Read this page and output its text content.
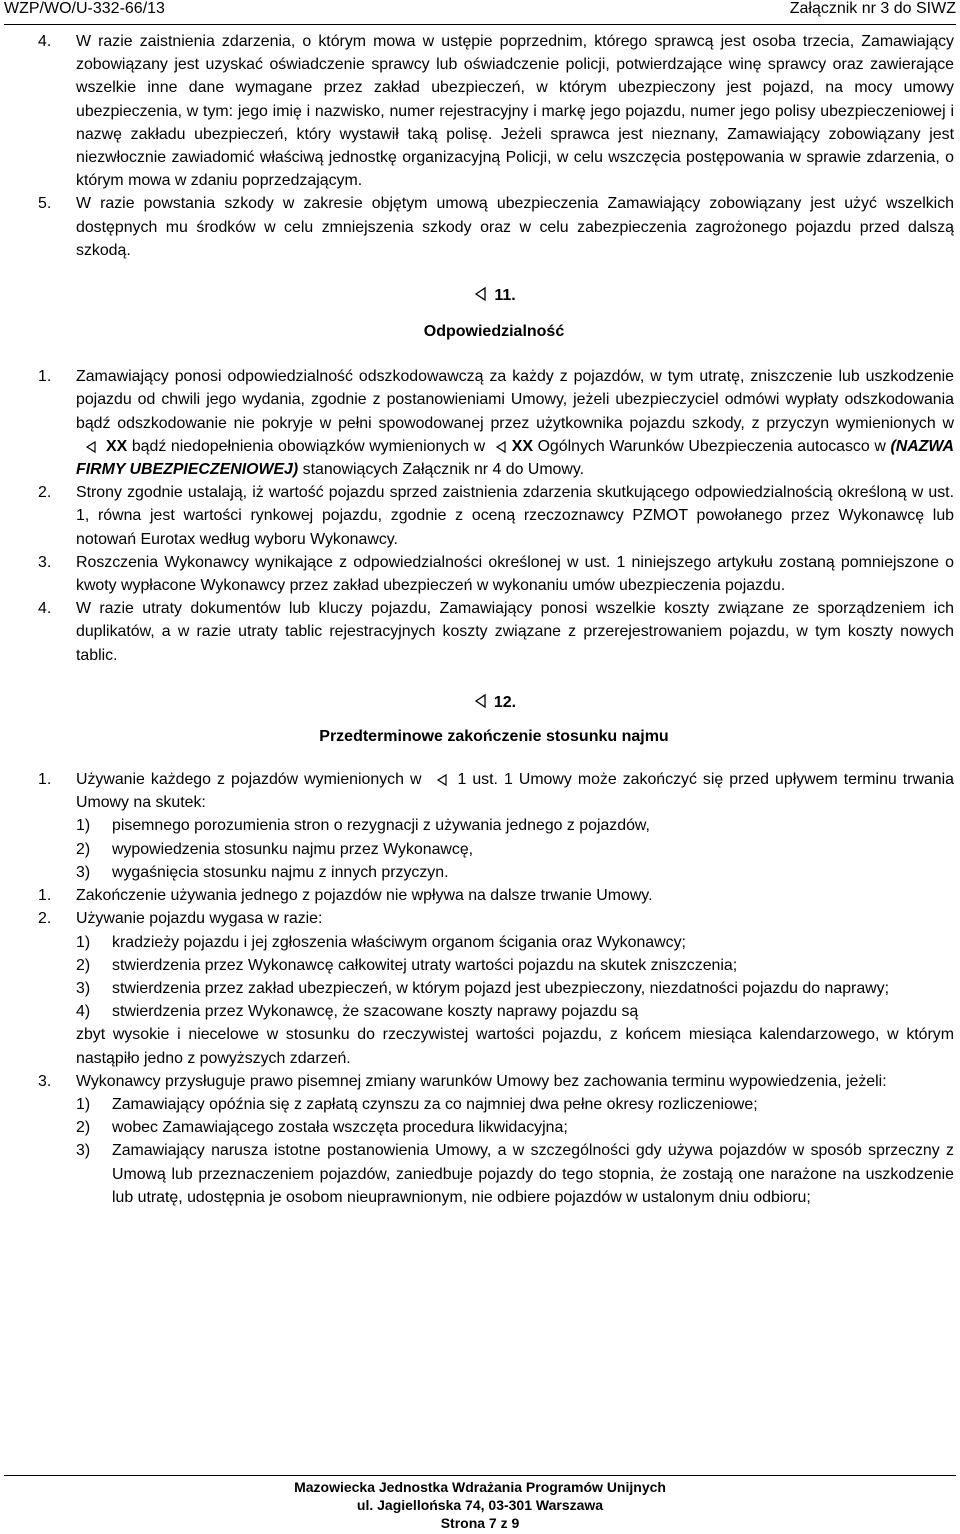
WZP/WO/U-332-66/13	Załącznik nr 3 do SIWZ
4. W razie zaistnienia zdarzenia, o którym mowa w ustępie poprzednim, którego sprawcą jest osoba trzecia, Zamawiający zobowiązany jest uzyskać oświadczenie sprawcy lub oświadczenie policji, potwierdzające winę sprawcy oraz zawierające wszelkie inne dane wymagane przez zakład ubezpieczeń, w którym ubezpieczony jest pojazd, na mocy umowy ubezpieczenia, w tym: jego imię i nazwisko, numer rejestracyjny i markę jego pojazdu, numer jego polisy ubezpieczeniowej i nazwę zakładu ubezpieczeń, który wystawił taką polisę. Jeżeli sprawca jest nieznany, Zamawiający zobowiązany jest niezwłocznie zawiadomić właściwą jednostkę organizacyjną Policji, w celu wszczęcia postępowania w sprawie zdarzenia, o którym mowa w zdaniu poprzedzającym.
5. W razie powstania szkody w zakresie objętym umową ubezpieczenia Zamawiający zobowiązany jest użyć wszelkich dostępnych mu środków w celu zmniejszenia szkody oraz w celu zabezpieczenia zagrożonego pojazdu przed dalszą szkodą.
11.
Odpowiedzialność
1. Zamawiający ponosi odpowiedzialność odszkodowawczą za każdy z pojazdów, w tym utratę, zniszczenie lub uszkodzenie pojazdu od chwili jego wydania, zgodnie z postanowieniami Umowy, jeżeli ubezpieczyciel odmówi wypłaty odszkodowania bądź odszkodowanie nie pokryje w pełni spowodowanej przez użytkownika pojazdu szkody, z przyczyn wymienionych w XX bądź niedopełnienia obowiązków wymienionych w XX Ogólnych Warunków Ubezpieczenia autocasco w (NAZWA FIRMY UBEZPIECZENIOWEJ) stanowiących Załącznik nr 4 do Umowy.
2. Strony zgodnie ustalają, iż wartość pojazdu sprzed zaistnienia zdarzenia skutkującego odpowiedzialnością określoną w ust. 1, równa jest wartości rynkowej pojazdu, zgodnie z oceną rzeczoznawcy PZMOT powołanego przez Wykonawcę lub notowań Eurotax według wyboru Wykonawcy.
3. Roszczenia Wykonawcy wynikające z odpowiedzialności określonej w ust. 1 niniejszego artykułu zostaną pomniejszone o kwoty wypłacone Wykonawcy przez zakład ubezpieczeń w wykonaniu umów ubezpieczenia pojazdu.
4. W razie utraty dokumentów lub kluczy pojazdu, Zamawiający ponosi wszelkie koszty związane ze sporządzeniem ich duplikatów, a w razie utraty tablic rejestracyjnych koszty związane z przerejestrowaniem pojazdu, w tym koszty nowych tablic.
12.
Przedterminowe zakończenie stosunku najmu
1. Używanie każdego z pojazdów wymienionych w 1 ust. 1 Umowy może zakończyć się przed upływem terminu trwania Umowy na skutek:
1) pisemnego porozumienia stron o rezygnacji z używania jednego z pojazdów,
2) wypowiedzenia stosunku najmu przez Wykonawcę,
3) wygaśnięcia stosunku najmu z innych przyczyn.
1. Zakończenie używania jednego z pojazdów nie wpływa na dalsze trwanie Umowy.
2. Używanie pojazdu wygasa w razie:
1) kradzieży pojazdu i jej zgłoszenia właściwym organom ścigania oraz Wykonawcy;
2) stwierdzenia przez Wykonawcę całkowitej utraty wartości pojazdu na skutek zniszczenia;
3) stwierdzenia przez zakład ubezpieczeń, w którym pojazd jest ubezpieczony, niezdatności pojazdu do naprawy;
4) stwierdzenia przez Wykonawcę, że szacowane koszty naprawy pojazdu są
zbyt wysokie i niecelowe w stosunku do rzeczywistej wartości pojazdu, z końcem miesiąca kalendarzowego, w którym nastąpiło jedno z powyższych zdarzeń.
3. Wykonawcy przysługuje prawo pisemnej zmiany warunków Umowy bez zachowania terminu wypowiedzenia, jeżeli:
1) Zamawiający opóźnia się z zapłatą czynszu za co najmniej dwa pełne okresy rozliczeniowe;
2) wobec Zamawiającego została wszczęta procedura likwidacyjna;
3) Zamawiający narusza istotne postanowienia Umowy, a w szczególności gdy używa pojazdów w sposób sprzeczny z Umową lub przeznaczeniem pojazdów, zaniedbuje pojazdy do tego stopnia, że zostają one narażone na uszkodzenie lub utratę, udostępnia je osobom nieuprawnionym, nie odbiere pojazdów w ustalonym dniu odbioru;
Mazowiecka Jednostka Wdrażania Programów Unijnych
ul. Jagiellońska 74, 03-301 Warszawa
Strona 7 z 9
